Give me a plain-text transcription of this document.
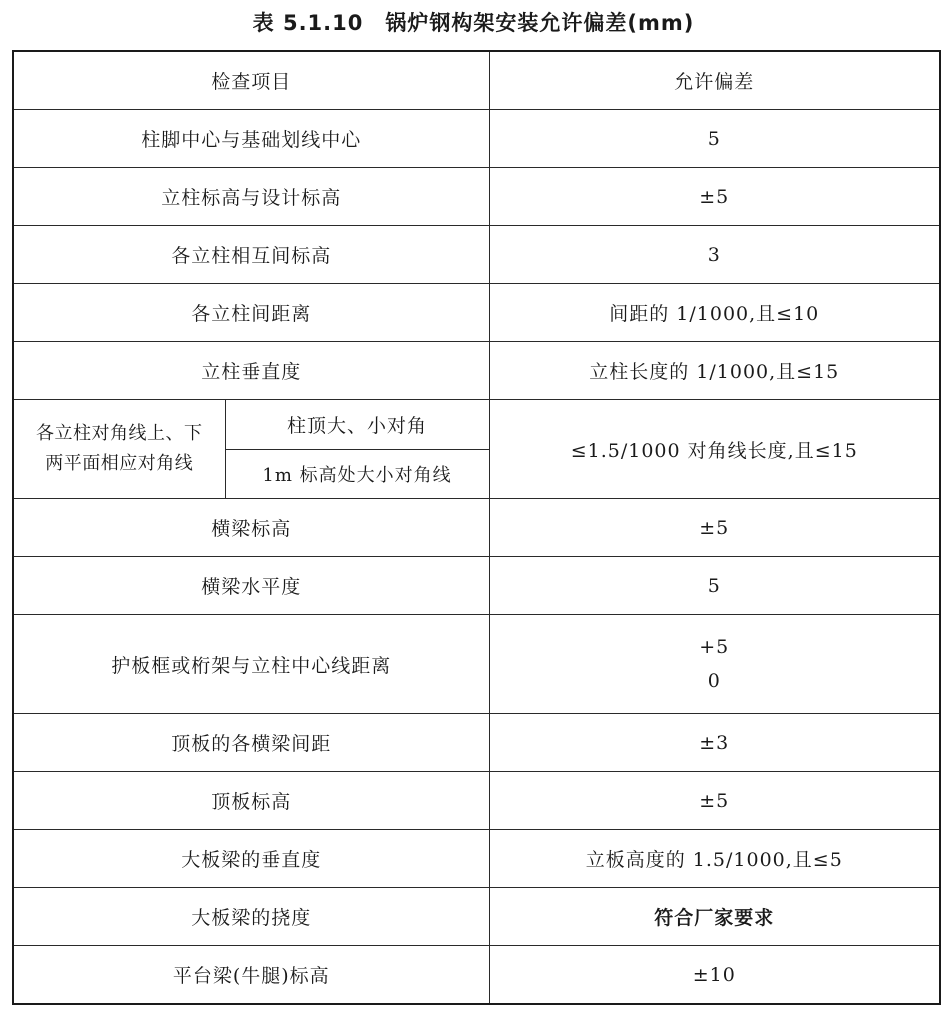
表 5.1.10 锅炉钢构架安装允许偏差(mm)
检查项目		允许偏差
柱脚中心与基础划线中心		5
立柱标高与设计标高		±5
各立柱相互间标高		3
各立柱间距离		间距的 1/1000,且≤10
立柱垂直度		立柱长度的 1/1000,且≤15

各立柱对角线上、下
两平面相应对角线	柱顶大、小对角	≤1.5/1000 对角线长度,且≤15
	1m 标高处大小对角线	
横梁标高		±5
横梁水平度		5
护板框或桁架与立柱中心线距离		+5
0

顶板的各横梁间距		±3
顶板标高		±5
大板梁的垂直度		立板高度的 1.5/1000,且≤5
大板梁的挠度		符合厂家要求
平台梁(牛腿)标高		±10
